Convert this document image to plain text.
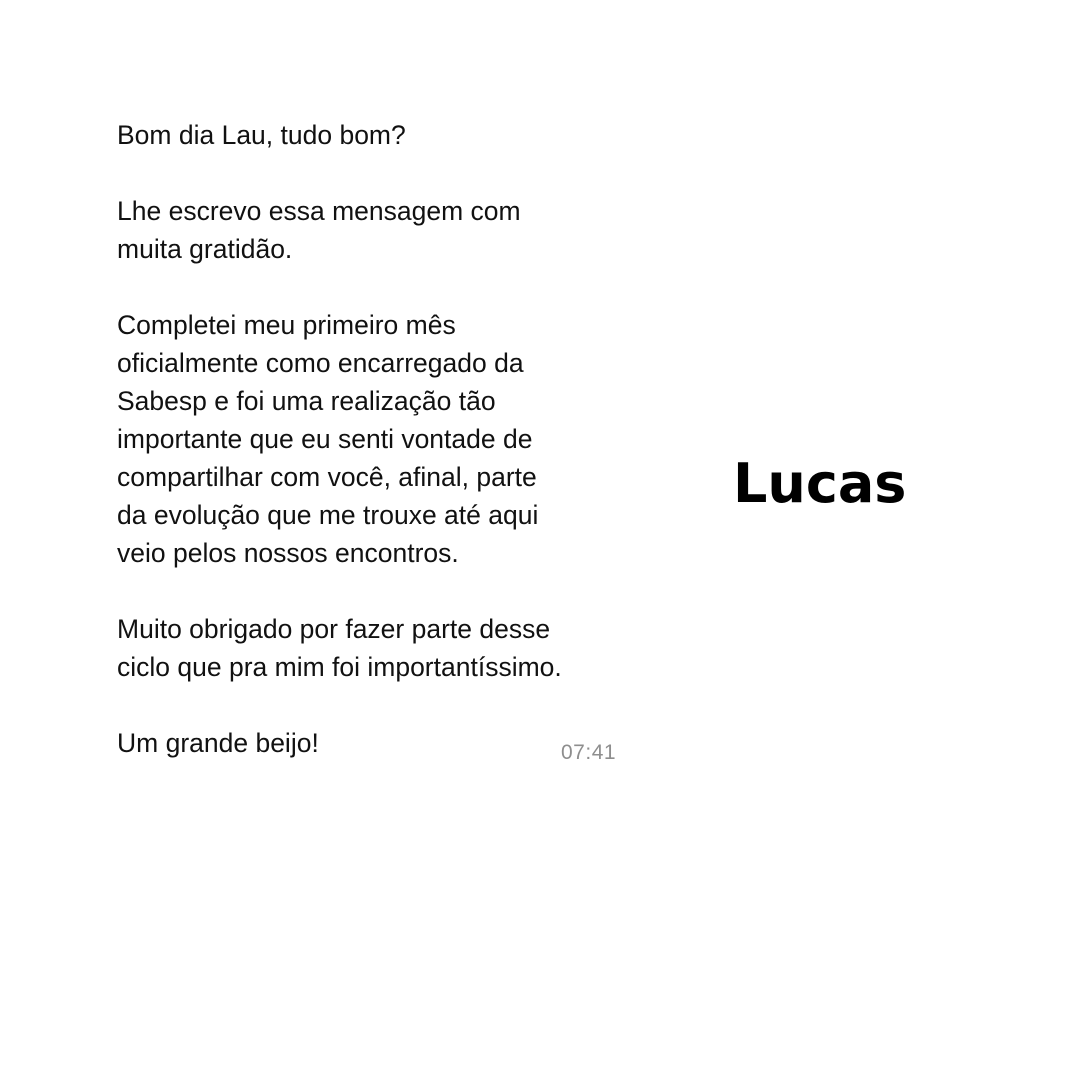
Bom dia Lau, tudo bom?

Lhe escrevo essa mensagem com
muita gratidão.

Completei meu primeiro mês
oficialmente como encarregado da
Sabesp e foi uma realização tão
importante que eu senti vontade de
compartilhar com você, afinal, parte
da evolução que me trouxe até aqui
veio pelos nossos encontros.

Muito obrigado por fazer parte desse
ciclo que pra mim foi importantíssimo.

Um grande beijo!	07:41
Lucas
